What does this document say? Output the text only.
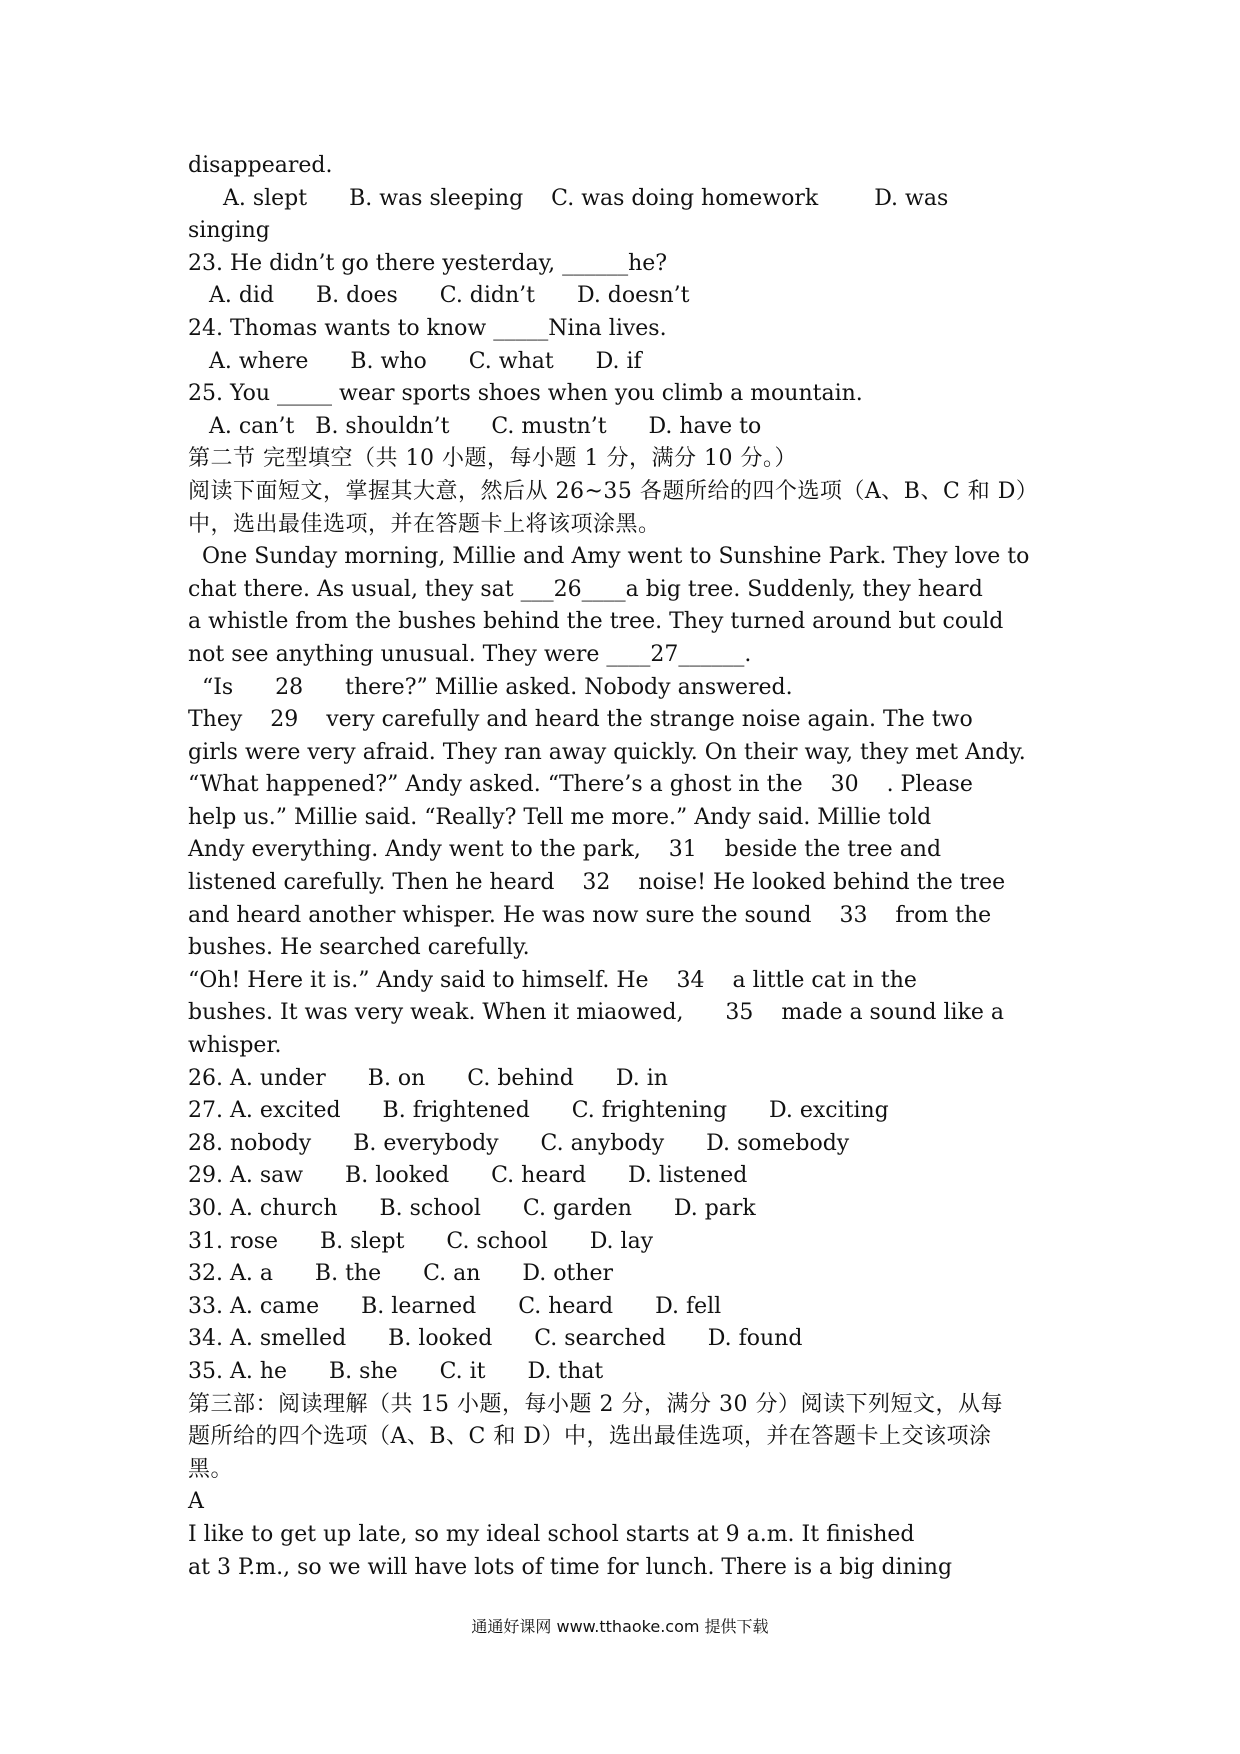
disappeared.
A. slept      B. was sleeping    C. was doing homework        D. was
singing
23. He didn’t go there yesterday, ______he?
A. did      B. does      C. didn’t      D. doesn’t
24. Thomas wants to know _____Nina lives.
A. where      B. who      C. what      D. if
25. You _____ wear sports shoes when you climb a mountain.
A. can’t   B. shouldn’t      C. mustn’t      D. have to
第二节 完型填空（共 10 小题，每小题 1 分，满分 10 分。）
阅读下面短文，掌握其大意，然后从 26~35 各题所给的四个选项（A、B、C 和 D）
中，选出最佳选项，并在答题卡上将该项涂黑。
One Sunday morning, Millie and Amy went to Sunshine Park. They love to
chat there. As usual, they sat ___26____a big tree. Suddenly, they heard
a whistle from the bushes behind the tree. They turned around but could
not see anything unusual. They were ____27______.
“Is      28      there?” Millie asked. Nobody answered.
They    29    very carefully and heard the strange noise again. The two
girls were very afraid. They ran away quickly. On their way, they met Andy.
“What happened?” Andy asked. “There’s a ghost in the    30    . Please
help us.” Millie said. “Really? Tell me more.” Andy said. Millie told
Andy everything. Andy went to the park,    31    beside the tree and
listened carefully. Then he heard    32    noise! He looked behind the tree
and heard another whisper. He was now sure the sound    33    from the
bushes. He searched carefully.
“Oh! Here it is.” Andy said to himself. He    34    a little cat in the
bushes. It was very weak. When it miaowed,      35    made a sound like a
whisper.
26. A. under      B. on      C. behind      D. in
27. A. excited      B. frightened      C. frightening      D. exciting
28. nobody      B. everybody      C. anybody      D. somebody
29. A. saw      B. looked      C. heard      D. listened
30. A. church      B. school      C. garden      D. park
31. rose      B. slept      C. school      D. lay
32. A. a      B. the      C. an      D. other
33. A. came      B. learned      C. heard      D. fell
34. A. smelled      B. looked      C. searched      D. found
35. A. he      B. she      C. it      D. that
第三部：阅读理解（共 15 小题，每小题 2 分，满分 30 分）阅读下列短文，从每
题所给的四个选项（A、B、C 和 D）中，选出最佳选项，并在答题卡上交该项涂
黑。
A
I like to get up late, so my ideal school starts at 9 a.m. It finished
at 3 P.m., so we will have lots of time for lunch. There is a big dining
通通好课网 www.tthaoke.com 提供下载
